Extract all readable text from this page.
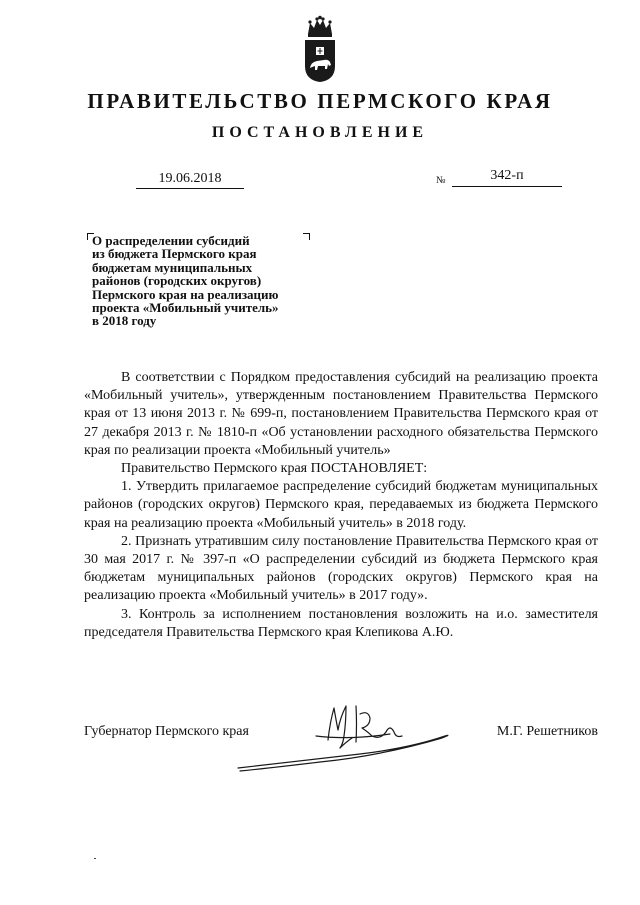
ПРАВИТЕЛЬСТВО ПЕРМСКОГО КРАЯ
ПОСТАНОВЛЕНИЕ
19.06.2018	№	342-п
О распределении субсидий
из бюджета Пермского края
бюджетам муниципальных
районов (городских округов)
Пермского края на реализацию
проекта «Мобильный учитель»
в 2018 году

В соответствии с Порядком предоставления субсидий на реализацию проекта «Мобильный учитель», утвержденным постановлением Правительства Пермского края от 13 июня 2013 г. № 699-п, постановлением Правительства Пермского края от 27 декабря 2013 г. № 1810-п «Об установлении расходного обязательства Пермского края по реализации проекта «Мобильный учитель»

Правительство Пермского края ПОСТАНОВЛЯЕТ:

1. Утвердить прилагаемое распределение субсидий бюджетам муниципальных районов (городских округов) Пермского края, передаваемых из бюджета Пермского края на реализацию проекта «Мобильный учитель» в 2018 году.

2. Признать утратившим силу постановление Правительства Пермского края от 30 мая 2017 г. № 397-п «О распределении субсидий из бюджета Пермского края бюджетам муниципальных районов (городских округов) Пермского края на реализацию проекта «Мобильный учитель» в 2017 году».

3. Контроль за исполнением постановления возложить на и.о. заместителя председателя Правительства Пермского края Клепикова А.Ю.

Губернатор Пермского края	М.Г. Решетников
